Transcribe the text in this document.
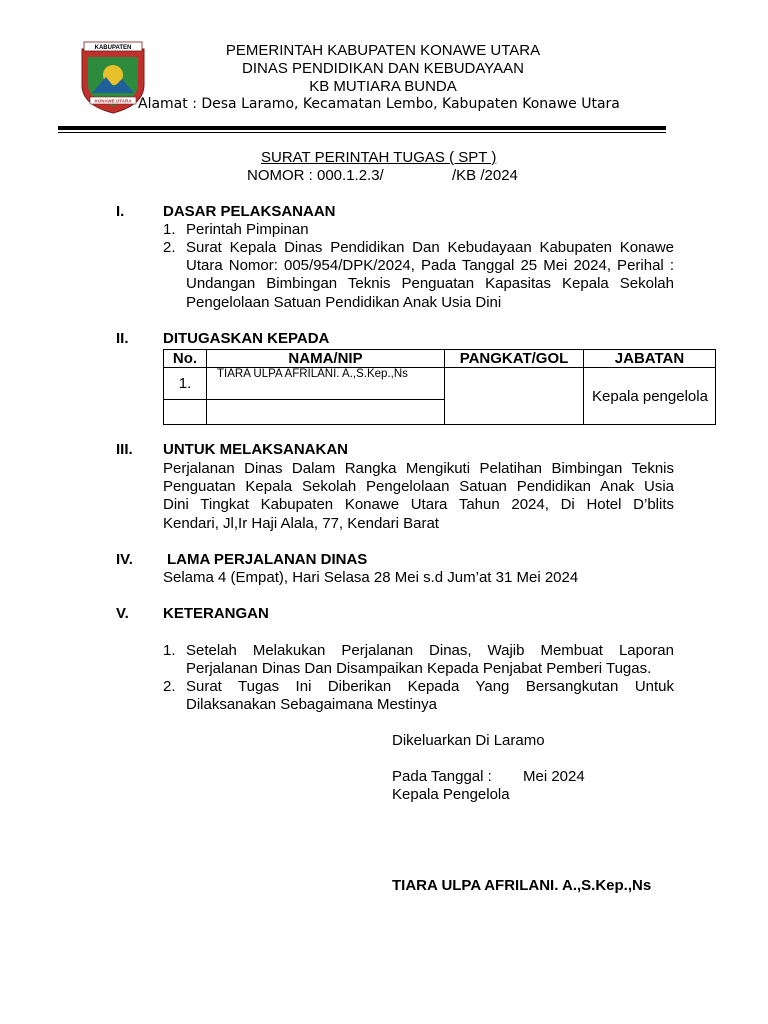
KABUPATEN
KONAWE UTARA
PEMERINTAH KABUPATEN KONAWE UTARA
DINAS PENDIDIKAN DAN KEBUDAYAAN
KB MUTIARA BUNDA
Alamat : Desa Laramo, Kecamatan Lembo, Kabupaten Konawe Utara
SURAT PERINTAH TUGAS ( SPT )
NOMOR : 000.1.2.3/	/KB /2024
I.	DASAR PELAKSANAAN
1. Perintah Pimpinan
2. Surat Kepala Dinas Pendidikan Dan Kebudayaan Kabupaten Konawe
Utara Nomor: 005/954/DPK/2024, Pada Tanggal 25 Mei 2024, Perihal :
Undangan Bimbingan Teknis Penguatan Kapasitas Kepala Sekolah
Pengelolaan Satuan Pendidikan Anak Usia Dini
II. DITUGASKAN KEPADA
No.	NAMA/NIP	PANGKAT/GOL	JABATAN
1.	TIARA ULPA AFRILANI. A.,S.Kep.,Ns		Kepala pengelola

III. UNTUK MELAKSANAKAN
Perjalanan Dinas Dalam Rangka Mengikuti Pelatihan Bimbingan Teknis
Penguatan Kepala Sekolah Pengelolaan Satuan Pendidikan Anak Usia
Dini Tingkat Kabupaten Konawe Utara Tahun 2024, Di Hotel D’blits
Kendari, Jl,Ir Haji Alala, 77, Kendari Barat
IV. LAMA PERJALANAN DINAS
Selama 4 (Empat), Hari Selasa 28 Mei s.d Jum’at 31 Mei 2024
V. KETERANGAN
1. Setelah Melakukan Perjalanan Dinas, Wajib Membuat Laporan
Perjalanan Dinas Dan Disampaikan Kepada Penjabat Pemberi Tugas.
2. Surat Tugas Ini Diberikan Kepada Yang Bersangkutan Untuk
Dilaksanakan Sebagaimana Mestinya
Dikeluarkan Di Laramo
Pada Tanggal : Mei 2024
Kepala Pengelola
TIARA ULPA AFRILANI. A.,S.Kep.,Ns
